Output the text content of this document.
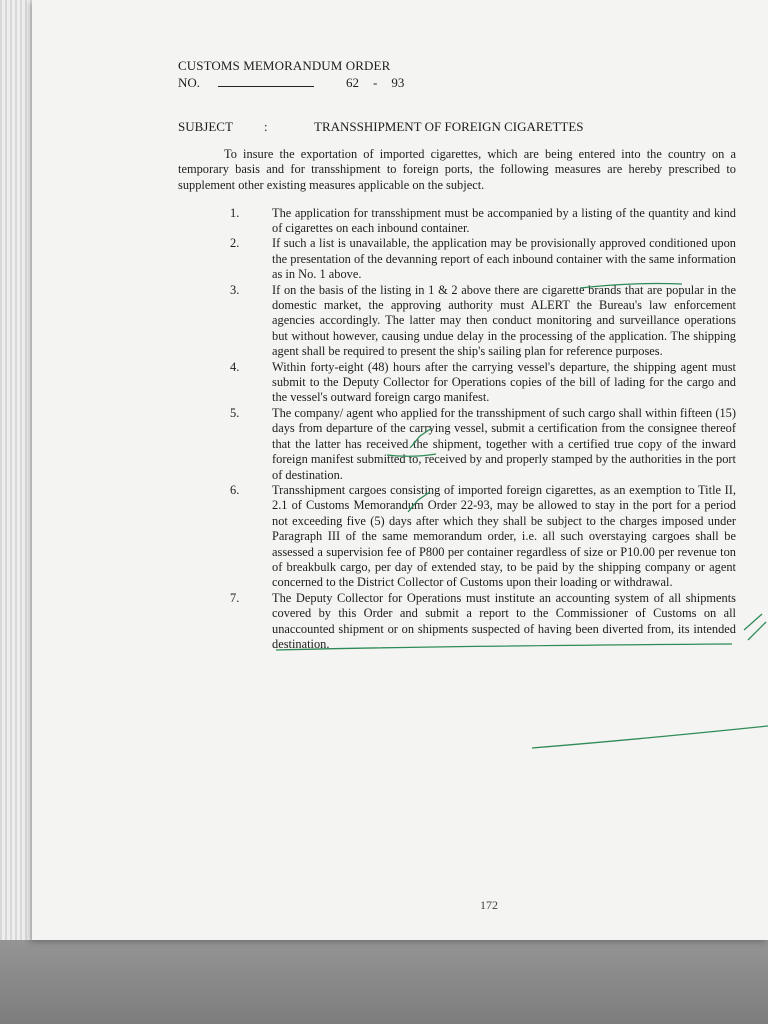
CUSTOMS MEMORANDUM ORDER
NO.	62 - 93
SUBJECT	:	TRANSSHIPMENT OF FOREIGN CIGARETTES

To insure the exportation of imported cigarettes, which are being entered into the country on a temporary basis and for transshipment to foreign ports, the following measures are hereby prescribed to supplement other existing measures applicable on the subject.

1.	The application for transshipment must be accompanied by a listing of the quantity and kind of cigarettes on each inbound container.
2.	If such a list is unavailable, the application may be provisionally approved conditioned upon the presentation of the devanning report of each inbound container with the same information as in No. 1 above.
3.	If on the basis of the listing in 1 & 2 above there are cigarette brands that are popular in the domestic market, the approving authority must ALERT the Bureau's law enforcement agencies accordingly. The latter may then conduct monitoring and surveillance operations but without however, causing undue delay in the processing of the application. The shipping agent shall be required to present the ship's sailing plan for reference purposes.
4.	Within forty-eight (48) hours after the carrying vessel's departure, the shipping agent must submit to the Deputy Collector for Operations copies of the bill of lading for the cargo and the vessel's outward foreign cargo manifest.
5.	The company/ agent who applied for the transshipment of such cargo shall within fifteen (15) days from departure of the carrying vessel, submit a certification from the consignee thereof that the latter has received the shipment, together with a certified true copy of the inward foreign manifest submitted to, received by and properly stamped by the authorities in the port of destination.
6.	Transshipment cargoes consisting of imported foreign cigarettes, as an exemption to Title II, 2.1 of Customs Memorandum Order 22-93, may be allowed to stay in the port for a period not exceeding five (5) days after which they shall be subject to the charges imposed under Paragraph III of the same memorandum order, i.e. all such overstaying cargoes shall be assessed a supervision fee of P800 per container regardless of size or P10.00 per revenue ton of breakbulk cargo, per day of extended stay, to be paid by the shipping company or agent concerned to the District Collector of Customs upon their loading or withdrawal.
7.	The Deputy Collector for Operations must institute an accounting system of all shipments covered by this Order and submit a report to the Commissioner of Customs on all unaccounted shipment or on shipments suspected of having been diverted from, its intended destination.
172
